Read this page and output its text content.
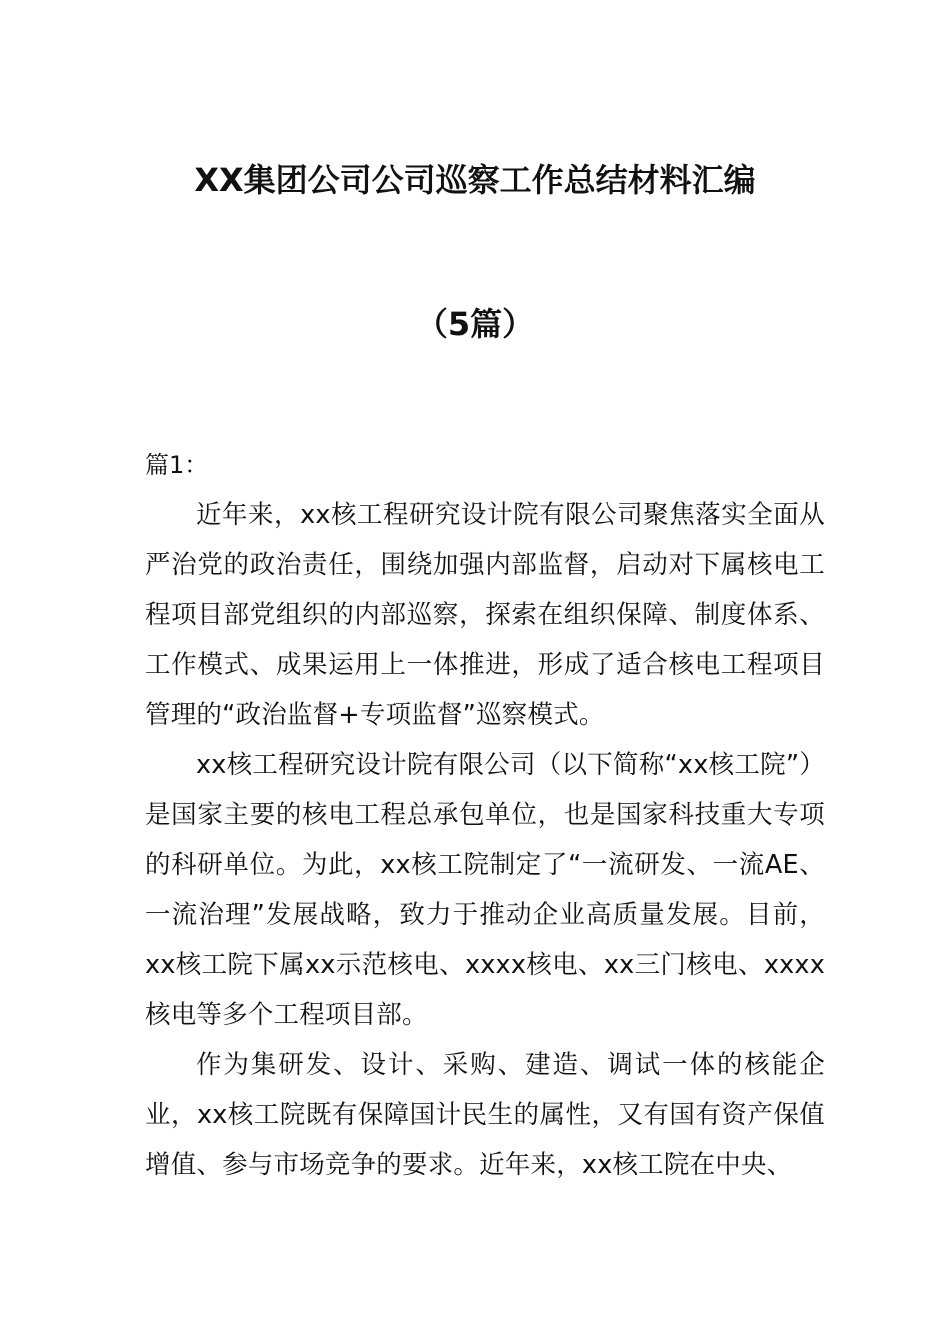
XX集团公司公司巡察工作总结材料汇编
（5篇）

篇1：

近年来，xx核工程研究设计院有限公司聚焦落实全面从严治党的政治责任，围绕加强内部监督，启动对下属核电工程项目部党组织的内部巡察，探索在组织保障、制度体系、工作模式、成果运用上一体推进，形成了适合核电工程项目管理的“政治监督+专项监督”巡察模式。

xx核工程研究设计院有限公司（以下简称“xx核工院”）是国家主要的核电工程总承包单位，也是国家科技重大专项的科研单位。为此，xx核工院制定了“一流研发、一流AE、一流治理”发展战略，致力于推动企业高质量发展。目前，xx核工院下属xx示范核电、xxxx核电、xx三门核电、xxxx核电等多个工程项目部。

作为集研发、设计、采购、建造、调试一体的核能企业，xx核工院既有保障国计民生的属性，又有国有资产保值增值、参与市场竞争的要求。近年来，xx核工院在中央、
